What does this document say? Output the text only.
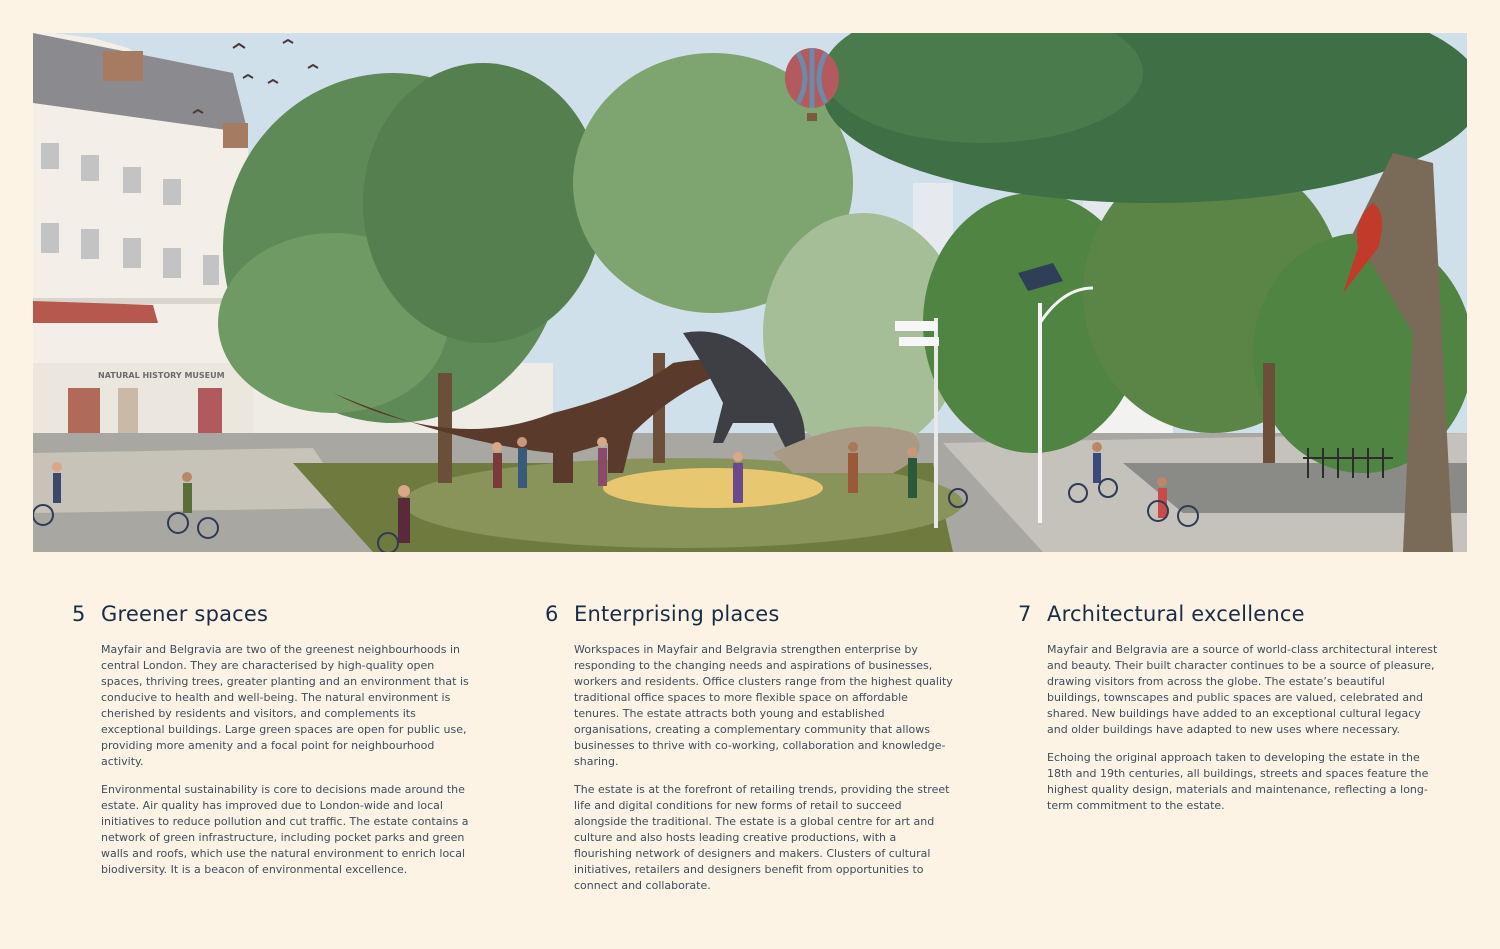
NATURAL HISTORY MUSEUM
5 Greener spaces

Mayfair and Belgravia are two of the greenest neighbourhoods in central London. They are characterised by high-quality open spaces, thriving trees, greater planting and an environment that is conducive to health and well-being. The natural environment is cherished by residents and visitors, and complements its exceptional buildings. Large green spaces are open for public use, providing more amenity and a focal point for neighbourhood activity.

Environmental sustainability is core to decisions made around the estate. Air quality has improved due to London-wide and local initiatives to reduce pollution and cut traffic. The estate contains a network of green infrastructure, including pocket parks and green walls and roofs, which use the natural environment to enrich local biodiversity. It is a beacon of environmental excellence.

6 Enterprising places

Workspaces in Mayfair and Belgravia strengthen enterprise by responding to the changing needs and aspirations of businesses, workers and residents. Office clusters range from the highest quality traditional office spaces to more flexible space on affordable tenures. The estate attracts both young and established organisations, creating a complementary community that allows businesses to thrive with co-working, collaboration and knowledge-sharing.

The estate is at the forefront of retailing trends, providing the street life and digital conditions for new forms of retail to succeed alongside the traditional. The estate is a global centre for art and culture and also hosts leading creative productions, with a flourishing network of designers and makers. Clusters of cultural initiatives, retailers and designers benefit from opportunities to connect and collaborate.

7 Architectural excellence

Mayfair and Belgravia are a source of world-class architectural interest and beauty. Their built character continues to be a source of pleasure, drawing visitors from across the globe. The estate’s beautiful buildings, townscapes and public spaces are valued, celebrated and shared. New buildings have added to an exceptional cultural legacy and older buildings have adapted to new uses where necessary.

Echoing the original approach taken to developing the estate in the 18th and 19th centuries, all buildings, streets and spaces feature the highest quality design, materials and maintenance, reflecting a long-term commitment to the estate.
